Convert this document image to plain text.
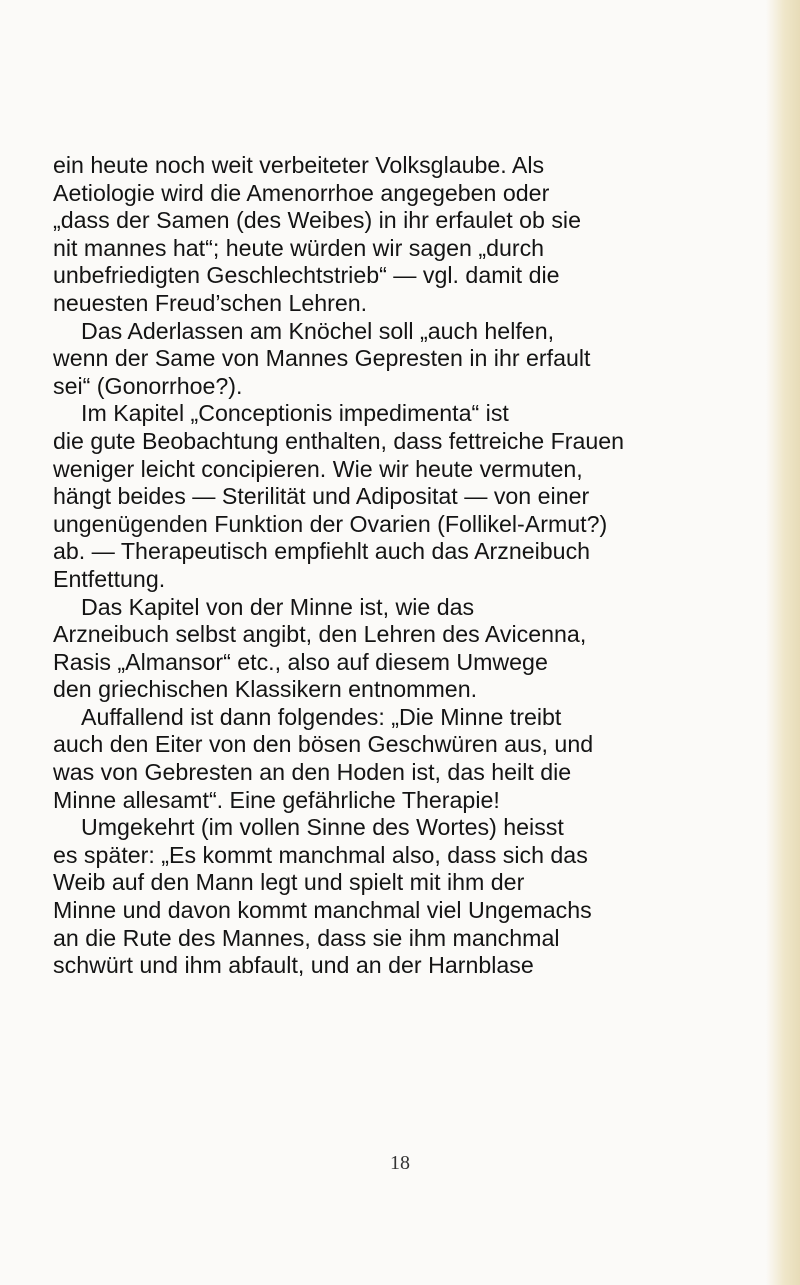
ein heute noch weit verbeiteter Volksglaube. Als
Aetiologie wird die Amenorrhoe angegeben oder
„dass der Samen (des Weibes) in ihr erfaulet ob sie
nit mannes hat“; heute würden wir sagen „durch
unbefriedigten Geschlechtstrieb“ — vgl. damit die
neuesten Freud’schen Lehren.
Das Aderlassen am Knöchel soll „auch helfen,
wenn der Same von Mannes Gepresten in ihr erfault
sei“ (Gonorrhoe?).
Im Kapitel „Conceptionis impedimenta“ ist
die gute Beobachtung enthalten, dass fettreiche Frauen
weniger leicht concipieren. Wie wir heute vermuten,
hängt beides — Sterilität und Adipositat — von einer
ungenügenden Funktion der Ovarien (Follikel-Armut?)
ab. — Therapeutisch empfiehlt auch das Arzneibuch
Entfettung.
Das Kapitel von der Minne ist, wie das
Arzneibuch selbst angibt, den Lehren des Avicenna,
Rasis „Almansor“ etc., also auf diesem Umwege
den griechischen Klassikern entnommen.
Auffallend ist dann folgendes: „Die Minne treibt
auch den Eiter von den bösen Geschwüren aus, und
was von Gebresten an den Hoden ist, das heilt die
Minne allesamt“. Eine gefährliche Therapie!
Umgekehrt (im vollen Sinne des Wortes) heisst
es später: „Es kommt manchmal also, dass sich das
Weib auf den Mann legt und spielt mit ihm der
Minne und davon kommt manchmal viel Ungemachs
an die Rute des Mannes, dass sie ihm manchmal
schwürt und ihm abfault, und an der Harnblase
18
